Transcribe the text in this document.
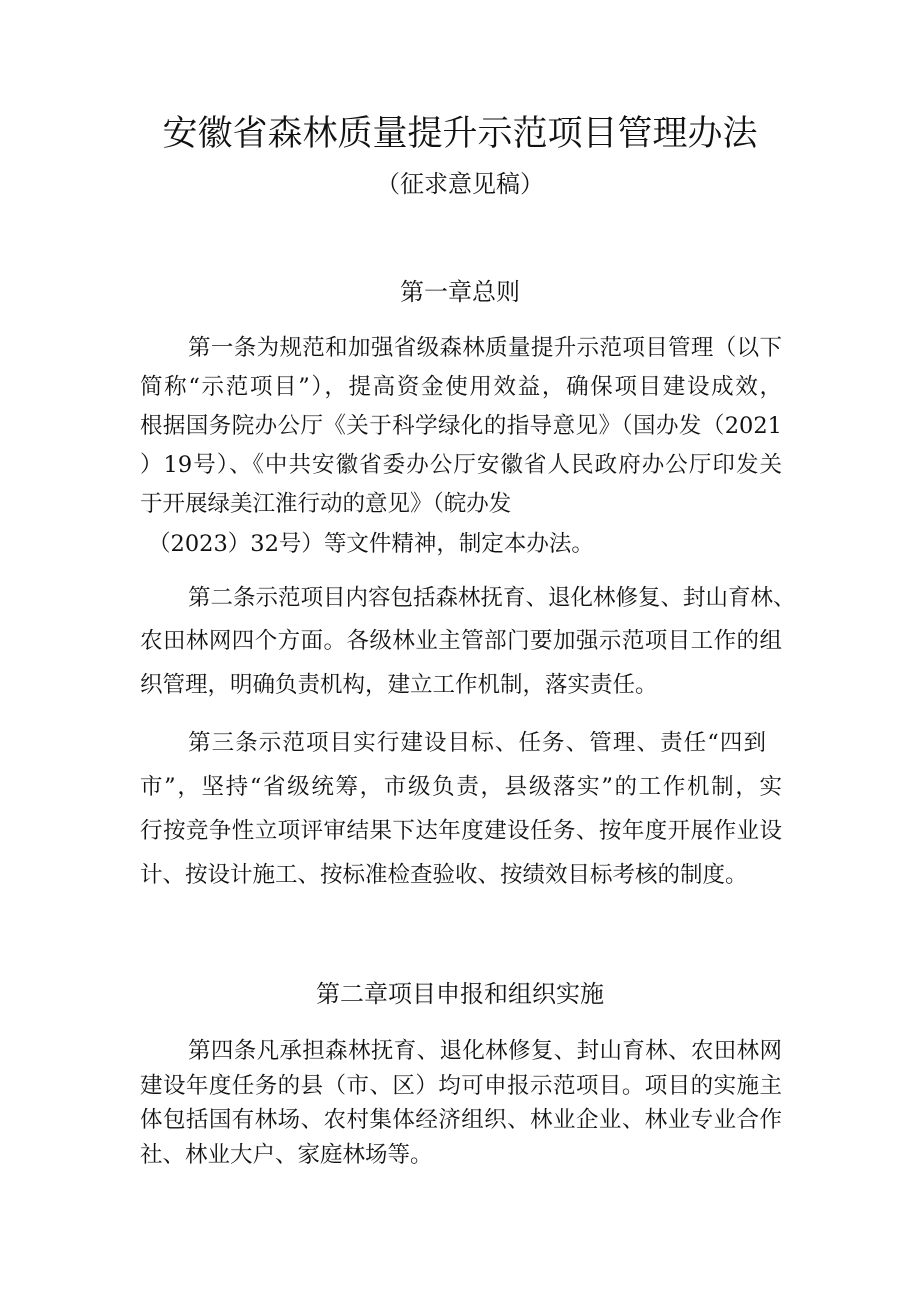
安徽省森林质量提升示范项目管理办法
（征求意见稿）
第一章总则
第一条为规范和加强省级森林质量提升示范项目管理（以下
简称“示范项目”），提高资金使用效益，确保项目建设成效，
根据国务院办公厅《关于科学绿化的指导意见》（国办发（2021
）19号）、《中共安徽省委办公厅安徽省人民政府办公厅印发关
于开展绿美江淮行动的意见》（皖办发
（2023）32号）等文件精神，制定本办法。
第二条示范项目内容包括森林抚育、退化林修复、封山育林、
农田林网四个方面。各级林业主管部门要加强示范项目工作的组
织管理，明确负责机构，建立工作机制，落实责任。
第三条示范项目实行建设目标、任务、管理、责任“四到
市”，坚持“省级统筹，市级负责，县级落实”的工作机制，实
行按竞争性立项评审结果下达年度建设任务、按年度开展作业设
计、按设计施工、按标准检查验收、按绩效目标考核的制度。
第二章项目申报和组织实施
第四条凡承担森林抚育、退化林修复、封山育林、农田林网
建设年度任务的县（市、区）均可申报示范项目。项目的实施主
体包括国有林场、农村集体经济组织、林业企业、林业专业合作
社、林业大户、家庭林场等。
